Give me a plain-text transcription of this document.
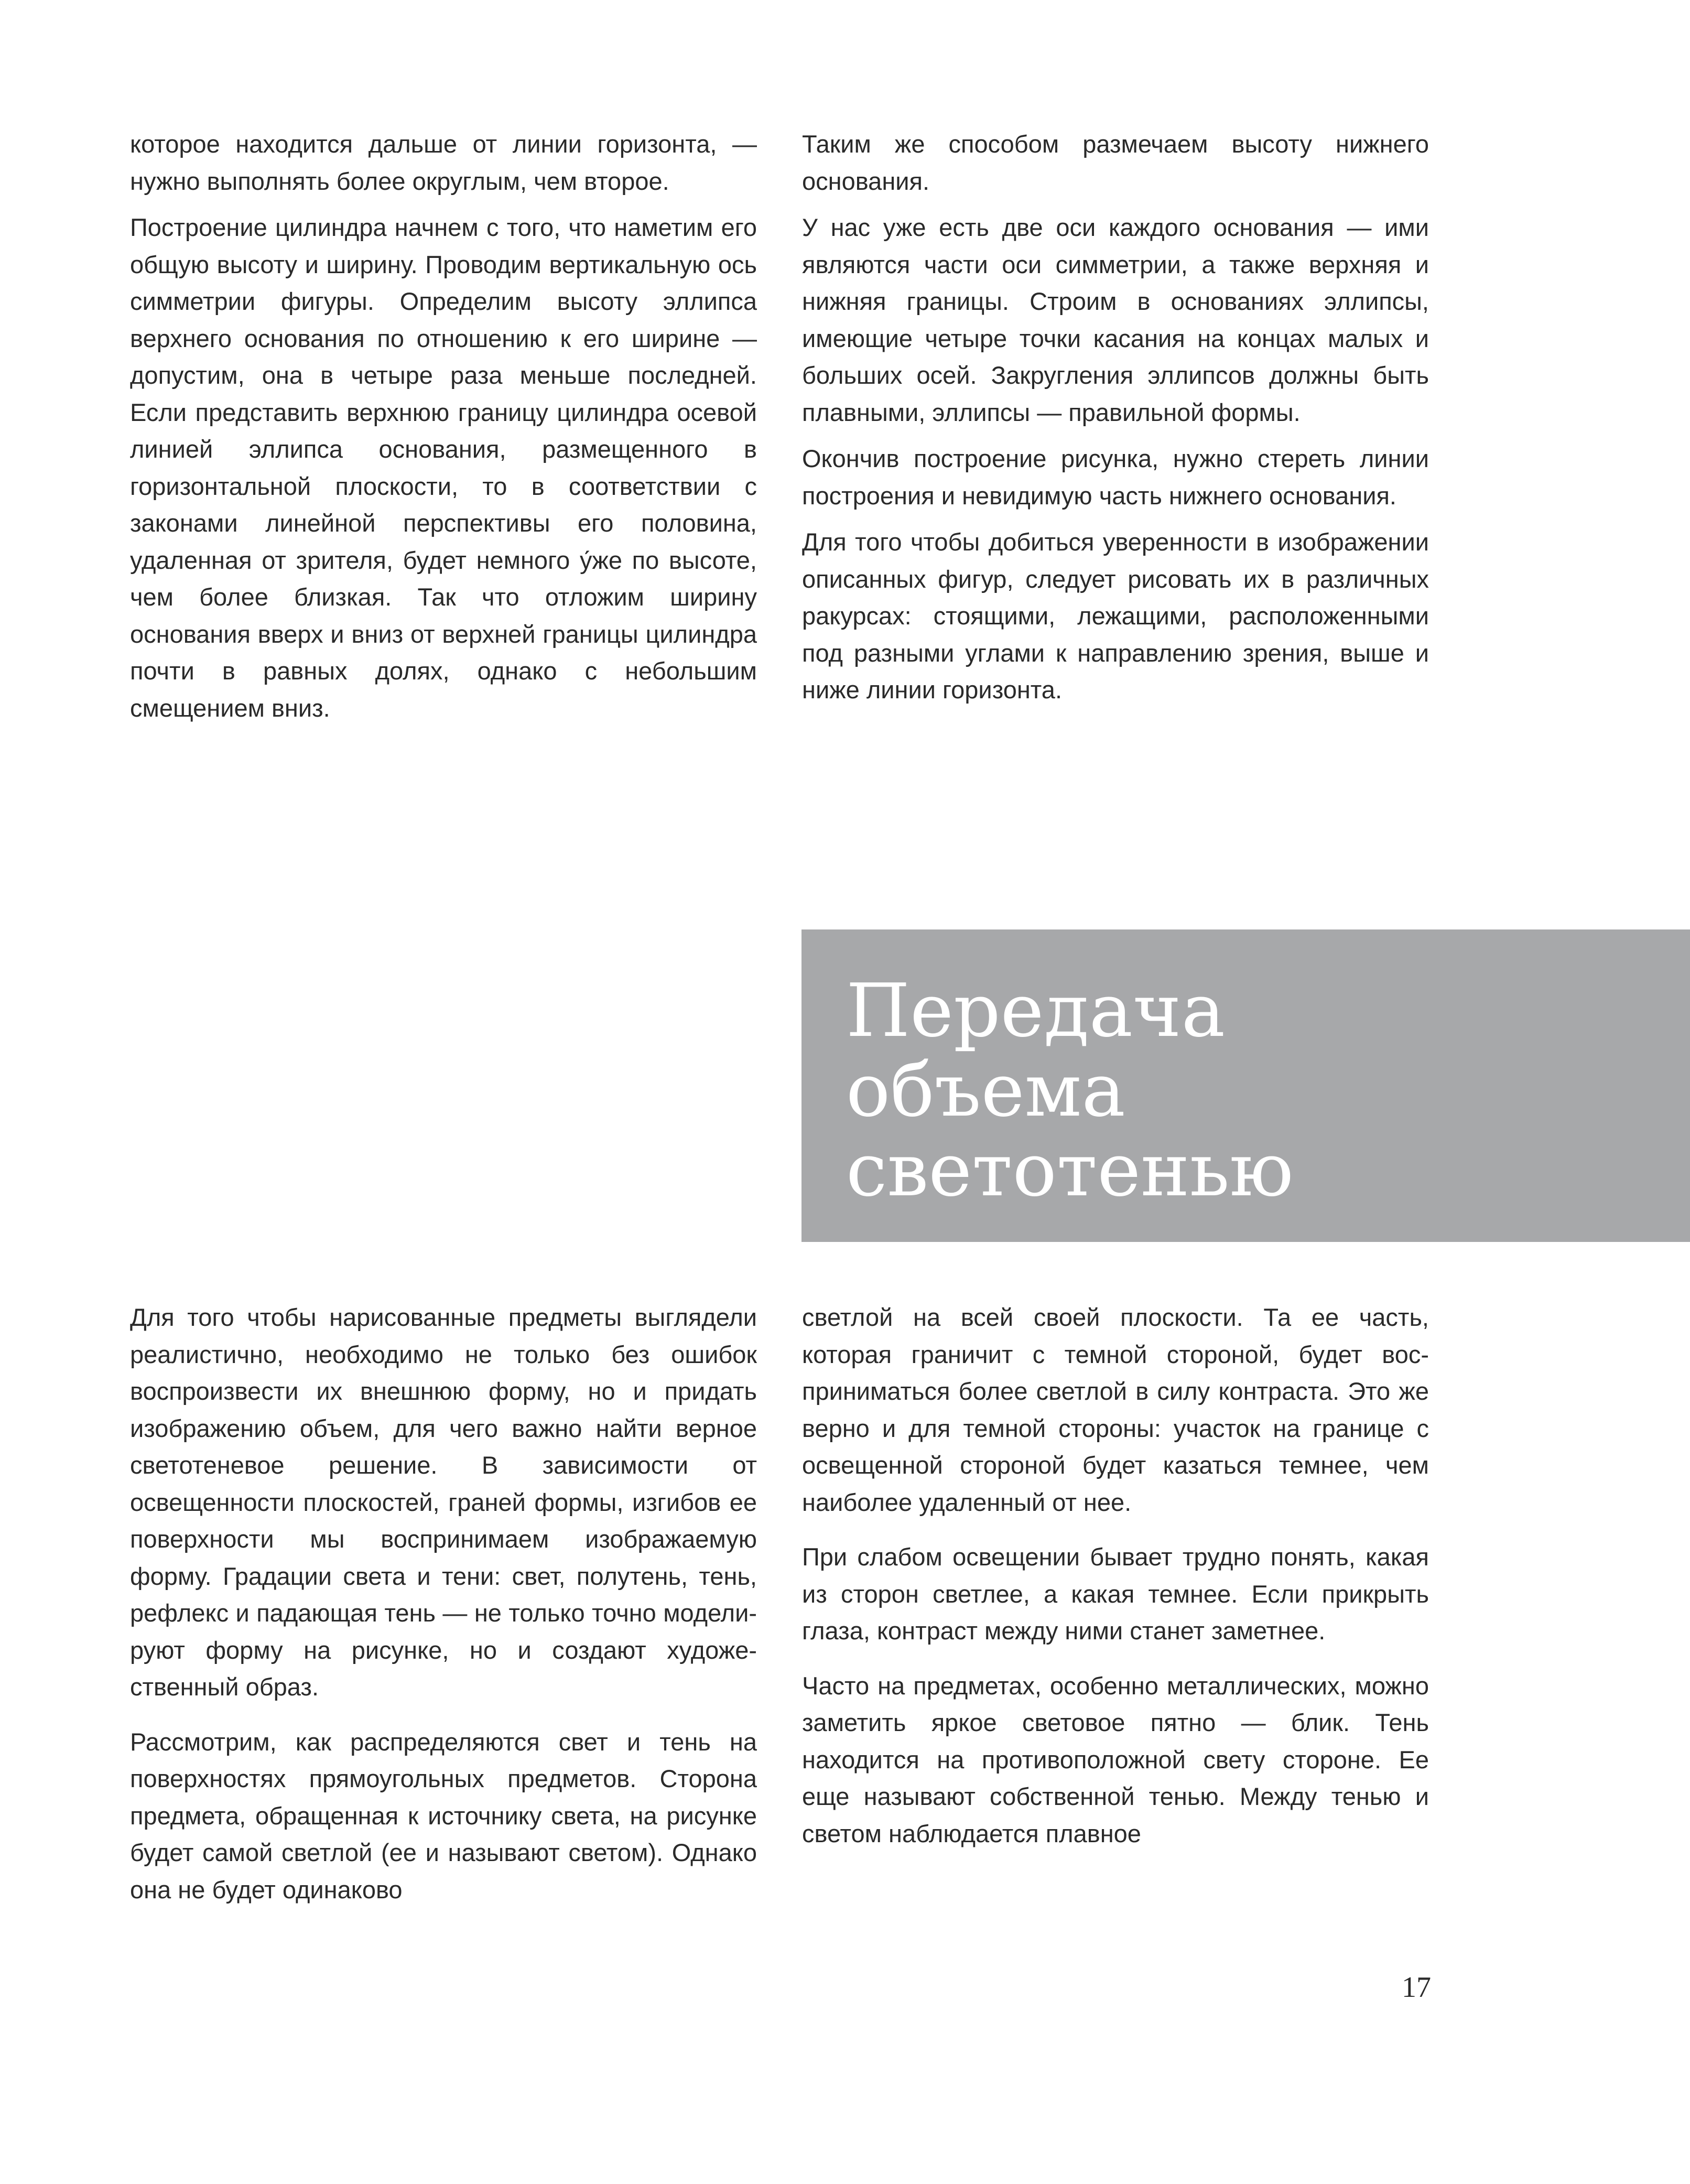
которое находится дальше от линии горизонта, — нужно выполнять более округлым, чем второе.

Построение цилиндра начнем с того, что наметим его общую высоту и ширину. Проводим вертикальную ось симметрии фигуры. Определим высоту эллипса верхнего основания по отношению к его ширине — допустим, она в четыре раза меньше последней. Если представить верхнюю границу цилиндра осевой линией эллипса основания, размещенного в горизонтальной плоскости, то в соответствии с законами линейной перспективы его половина, удаленная от зрителя, будет немного у́же по высоте, чем более близкая. Так что отложим ширину основания вверх и вниз от верхней границы цилиндра почти в равных долях, однако с небольшим смещением вниз.

Таким же способом размечаем высоту нижнего основания.

У нас уже есть две оси каждого основания — ими являются части оси симметрии, а также верхняя и нижняя границы. Строим в основаниях эллипсы, имеющие четыре точки касания на концах малых и больших осей. Закругления эллипсов должны быть плавными, эллипсы — правильной формы.

Окончив построение рисунка, нужно стереть линии построения и невидимую часть нижнего основания.

Для того чтобы добиться уверенности в изображении описанных фигур, следует рисовать их в различных ракурсах: стоящими, лежащими, расположенными под разными углами к направлению зрения, выше и ниже линии горизонта.

Передача
объема
светотенью

Для того чтобы нарисованные предметы выглядели реалистично, необходимо не только без ошибок воспроизвести их внешнюю форму, но и придать изображению объем, для чего важно найти верное светотеневое решение. В зависимости от освещенности плоскостей, граней формы, изгибов ее поверхности мы воспринимаем изображаемую форму. Градации света и тени: свет, полутень, тень, рефлекс и падающая тень — не только точно моделируют форму на рисунке, но и создают художественный образ.

Рассмотрим, как распределяются свет и тень на поверхностях прямоугольных предметов. Сторона предмета, обращенная к источнику света, на рисунке будет самой светлой (ее и называют светом). Однако она не будет одинаково

светлой на всей своей плоскости. Та ее часть, которая граничит с темной стороной, будет восприниматься более светлой в силу контраста. Это же верно и для темной стороны: участок на границе с освещенной стороной будет казаться темнее, чем наиболее удаленный от нее.

При слабом освещении бывает трудно понять, какая из сторон светлее, а какая темнее. Если прикрыть глаза, контраст между ними станет заметнее.

Часто на предметах, особенно металлических, можно заметить яркое световое пятно — блик. Тень находится на противоположной свету стороне. Ее еще называют собственной тенью. Между тенью и светом наблюдается плавное

17
